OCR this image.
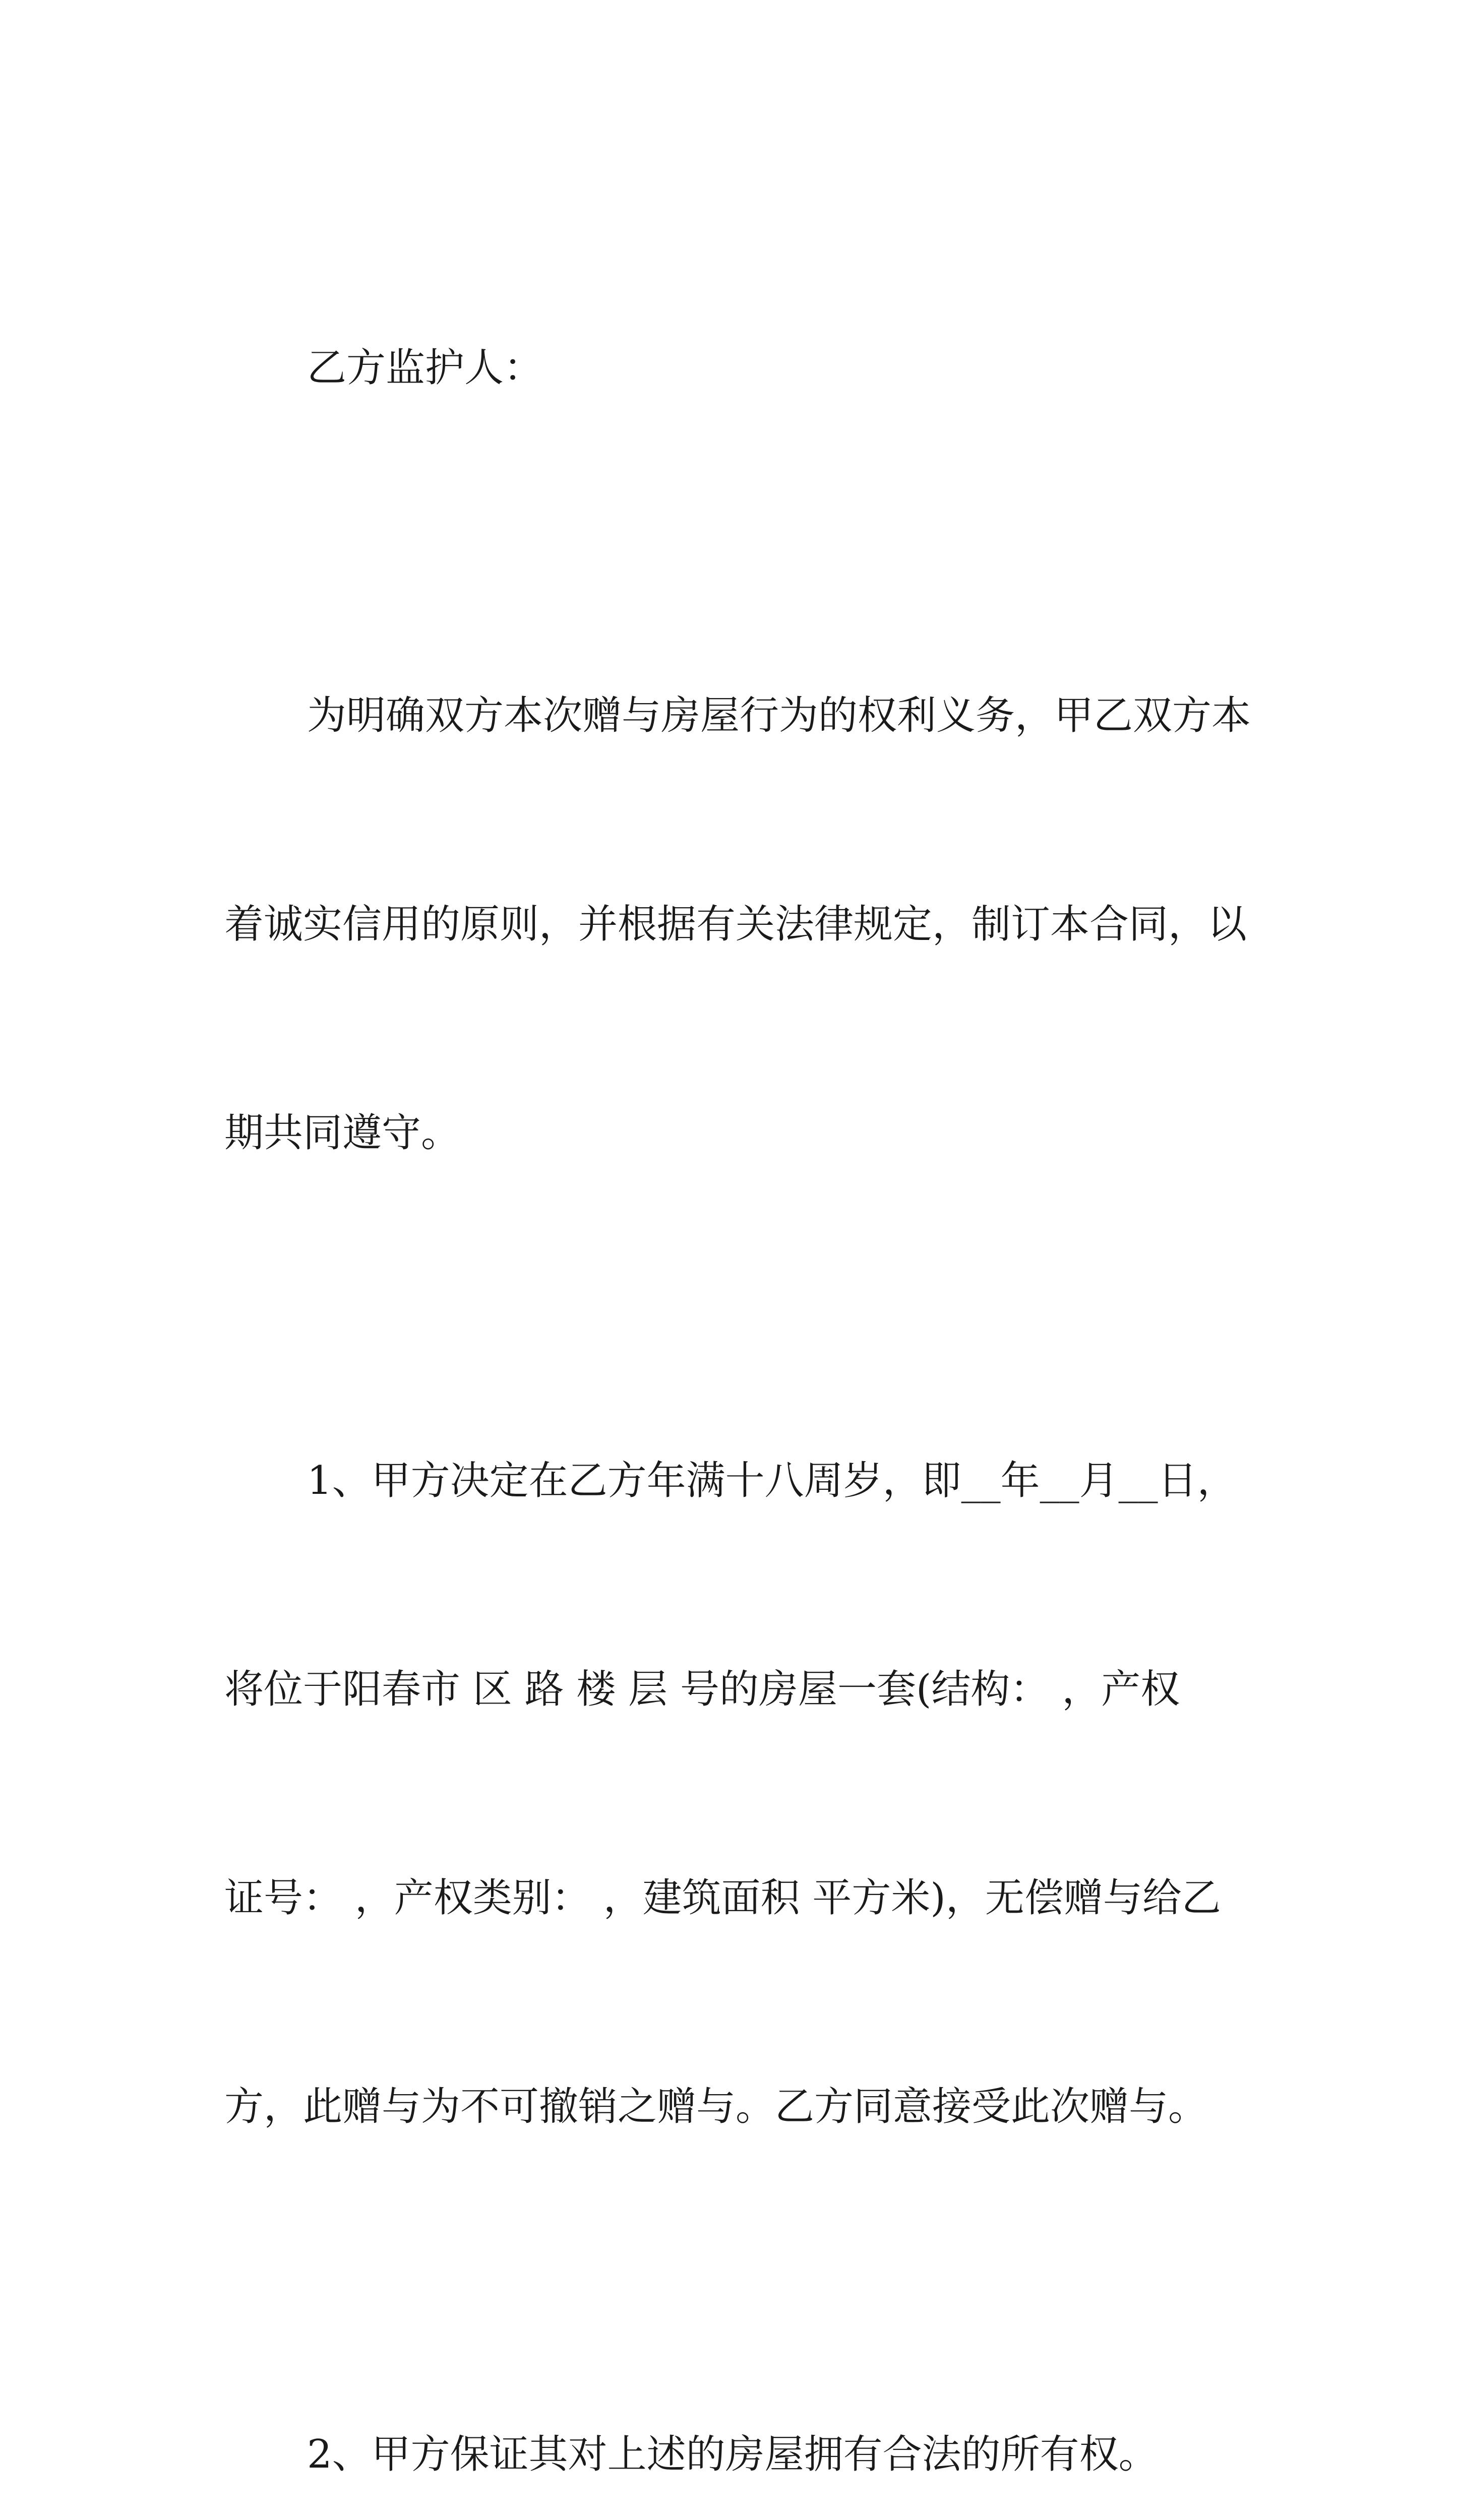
乙方监护人：

为明确双方本次赠与房屋行为的权利义务，甲乙双方本

着诚实信用的原则，并根据有关法律规定，制订本合同，以

期共同遵守。

1、甲方决定在乙方年满十八周岁，即__年__月__日，

将位于阳春市 区 路 楼 层 号的房屋一套(结构： ，产权

证号： ，产权类别： ，建筑面积 平方米)，无偿赠与给乙

方，此赠与为不可撤销之赠与。乙方同意接受此次赠与。

2、甲方保证其对上述的房屋拥有合法的所有权。
